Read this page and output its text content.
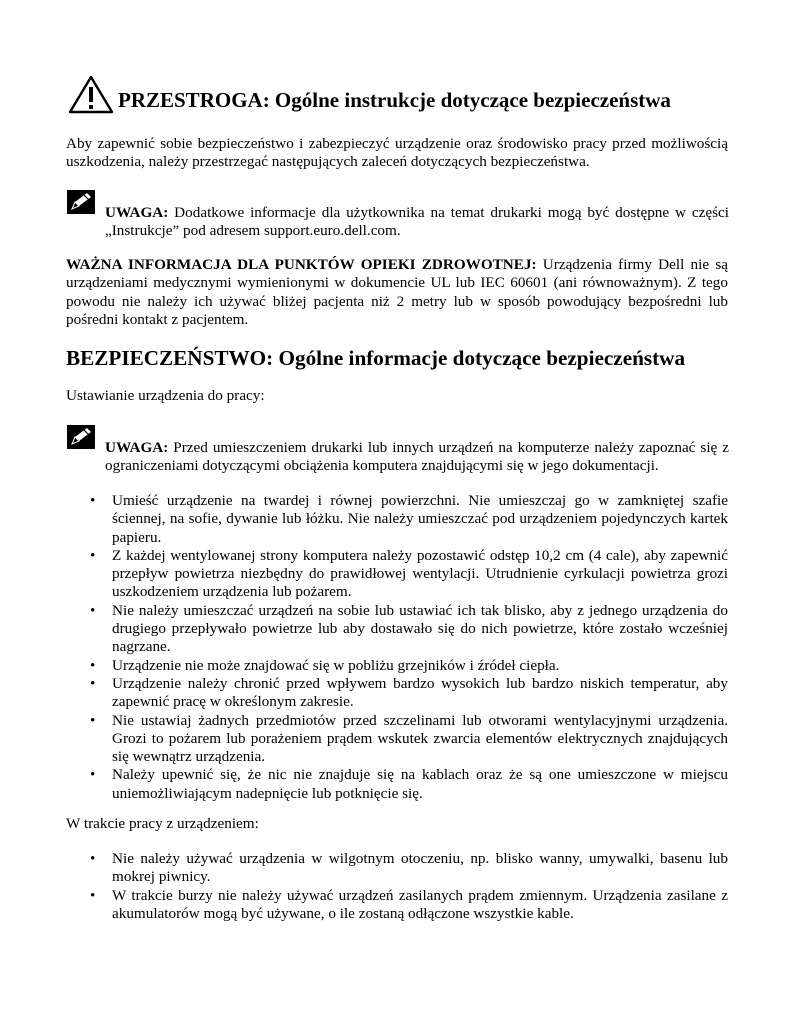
PRZESTROGA: Ogólne instrukcje dotyczące bezpieczeństwa

Aby zapewnić sobie bezpieczeństwo i zabezpieczyć urządzenie oraz środowisko pracy przed możliwością uszkodzenia, należy przestrzegać następujących zaleceń dotyczących bezpieczeństwa.

UWAGA: Dodatkowe informacje dla użytkownika na temat drukarki mogą być dostępne w części „Instrukcje” pod adresem support.euro.dell.com.

WAŻNA INFORMACJA DLA PUNKTÓW OPIEKI ZDROWOTNEJ: Urządzenia firmy Dell nie są urządzeniami medycznymi wymienionymi w dokumencie UL lub IEC 60601 (ani równoważnym). Z tego powodu nie należy ich używać bliżej pacjenta niż 2 metry lub w sposób powodujący bezpośredni lub pośredni kontakt z pacjentem.

BEZPIECZEŃSTWO: Ogólne informacje dotyczące bezpieczeństwa

Ustawianie urządzenia do pracy:

UWAGA: Przed umieszczeniem drukarki lub innych urządzeń na komputerze należy zapoznać się z ograniczeniami dotyczącymi obciążenia komputera znajdującymi się w jego dokumentacji.

• Umieść urządzenie na twardej i równej powierzchni. Nie umieszczaj go w zamkniętej szafie ściennej, na sofie, dywanie lub łóżku. Nie należy umieszczać pod urządzeniem pojedynczych kartek papieru.
• Z każdej wentylowanej strony komputera należy pozostawić odstęp 10,2 cm (4 cale), aby zapewnić przepływ powietrza niezbędny do prawidłowej wentylacji. Utrudnienie cyrkulacji powietrza grozi uszkodzeniem urządzenia lub pożarem.
• Nie należy umieszczać urządzeń na sobie lub ustawiać ich tak blisko, aby z jednego urządzenia do drugiego przepływało powietrze lub aby dostawało się do nich powietrze, które zostało wcześniej nagrzane.
• Urządzenie nie może znajdować się w pobliżu grzejników i źródeł ciepła.
• Urządzenie należy chronić przed wpływem bardzo wysokich lub bardzo niskich temperatur, aby zapewnić pracę w określonym zakresie.
• Nie ustawiaj żadnych przedmiotów przed szczelinami lub otworami wentylacyjnymi urządzenia. Grozi to pożarem lub porażeniem prądem wskutek zwarcia elementów elektrycznych znajdujących się wewnątrz urządzenia.
• Należy upewnić się, że nic nie znajduje się na kablach oraz że są one umieszczone w miejscu uniemożliwiającym nadepnięcie lub potknięcie się.

W trakcie pracy z urządzeniem:

• Nie należy używać urządzenia w wilgotnym otoczeniu, np. blisko wanny, umywalki, basenu lub mokrej piwnicy.
• W trakcie burzy nie należy używać urządzeń zasilanych prądem zmiennym. Urządzenia zasilane z akumulatorów mogą być używane, o ile zostaną odłączone wszystkie kable.
